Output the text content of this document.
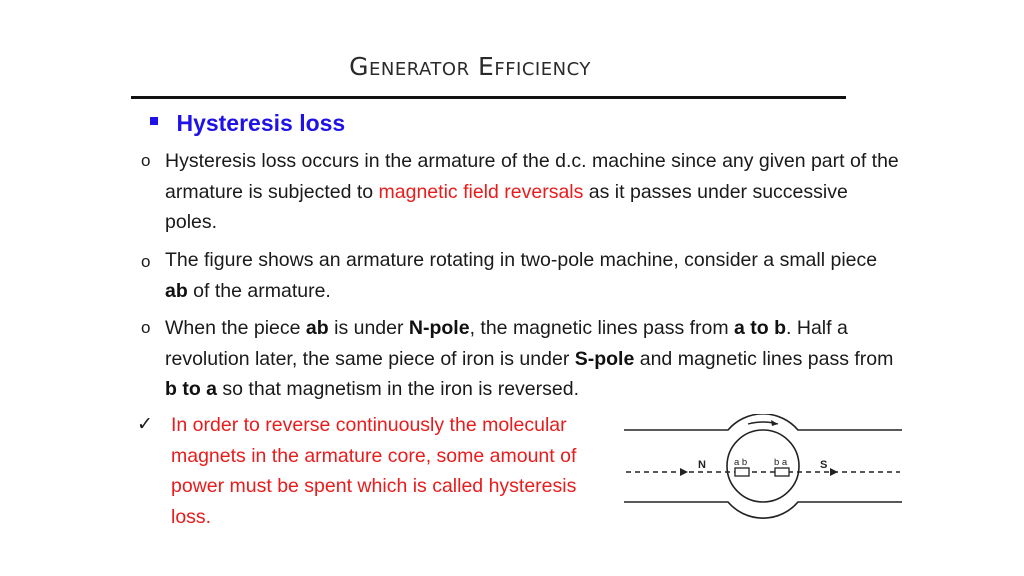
Generator Efficiency
Hysteresis loss
o Hysteresis loss occurs in the armature of the d.c. machine since any given part of the armature is subjected to magnetic field reversals as it passes under successive poles.
o The figure shows an armature rotating in two-pole machine, consider a small piece ab of the armature.
o When the piece ab is under N-pole, the magnetic lines pass from a to b. Half a revolution later, the same piece of iron is under S-pole and magnetic lines pass from b to a so that magnetism in the iron is reversed.
✓ In order to reverse continuously the molecular magnets in the armature core, some amount of power must be spent which is called hysteresis loss.
N	S
a b	b a
